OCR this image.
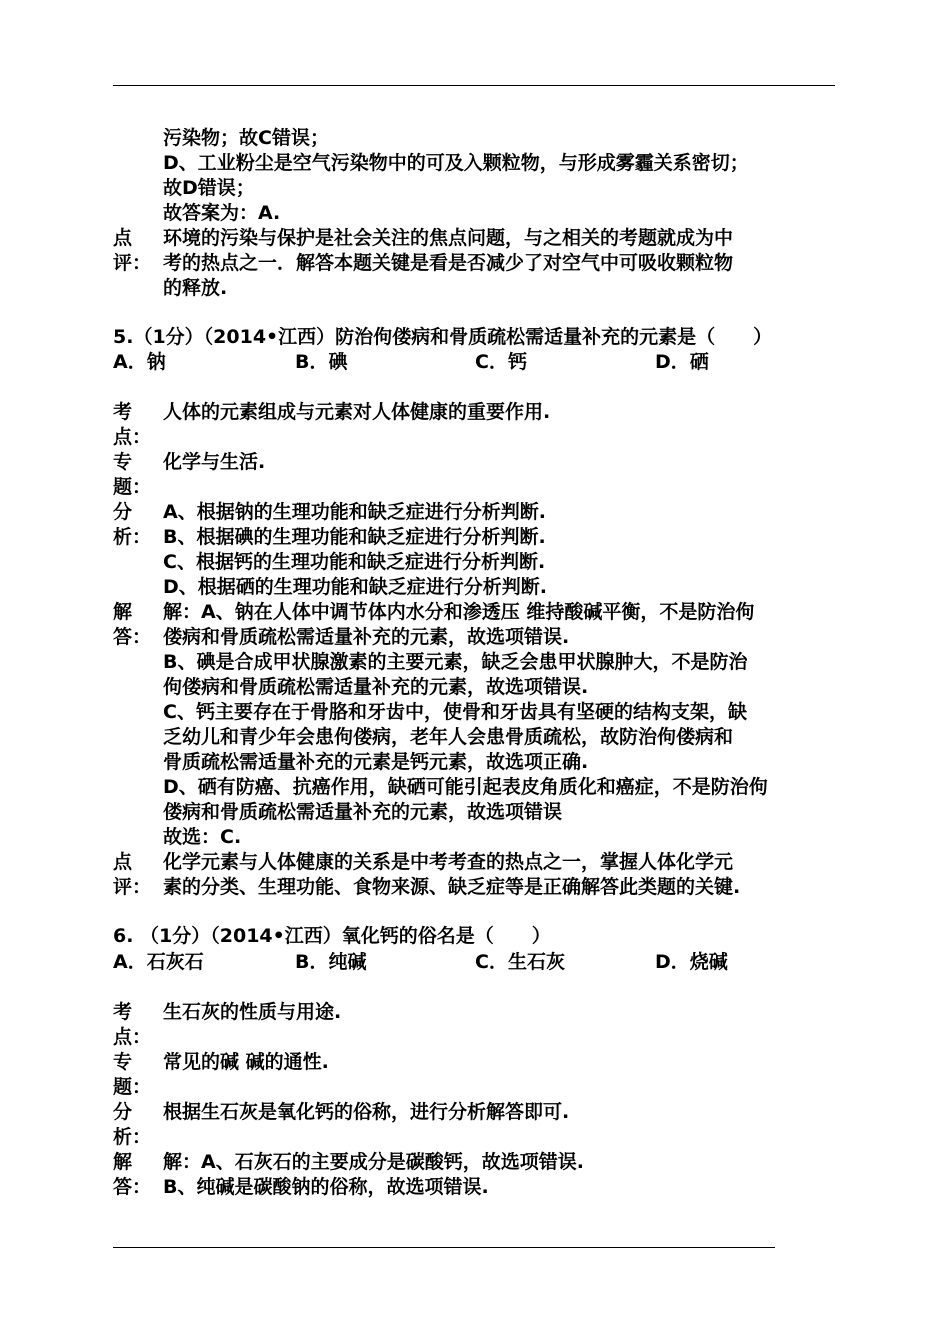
污染物；故C错误；
D、工业粉尘是空气污染物中的可及入颗粒物，与形成雾霾关系密切；
故D错误；
故答案为：A.
点
评：
环境的污染与保护是社会关注的焦点问题，与之相关的考题就成为中
考的热点之一．解答本题关键是看是否减少了对空气中可吸收颗粒物
的释放.
5.（1分）（2014•江西）防治佝偻病和骨质疏松需适量补充的元素是（　　）
A．钠	B．碘	C．钙	D．硒
考
点：
人体的元素组成与元素对人体健康的重要作用.
专
题：
化学与生活.
分
析：
A、根据钠的生理功能和缺乏症进行分析判断.
B、根据碘的生理功能和缺乏症进行分析判断.
C、根据钙的生理功能和缺乏症进行分析判断.
D、根据硒的生理功能和缺乏症进行分析判断.
解
答：
解：A、钠在人体中调节体内水分和渗透压 维持酸碱平衡，不是防治佝
偻病和骨质疏松需适量补充的元素，故选项错误.
B、碘是合成甲状腺激素的主要元素，缺乏会患甲状腺肿大，不是防治
佝偻病和骨质疏松需适量补充的元素，故选项错误.
C、钙主要存在于骨胳和牙齿中，使骨和牙齿具有坚硬的结构支架，缺
乏幼儿和青少年会患佝偻病，老年人会患骨质疏松，故防治佝偻病和
骨质疏松需适量补充的元素是钙元素，故选项正确.
D、硒有防癌、抗癌作用，缺硒可能引起表皮角质化和癌症，不是防治佝
偻病和骨质疏松需适量补充的元素，故选项错误
故选：C.
点
评：
化学元素与人体健康的关系是中考考查的热点之一，掌握人体化学元
素的分类、生理功能、食物来源、缺乏症等是正确解答此类题的关键.
6. （1分）（2014•江西）氧化钙的俗名是（　　）
A．石灰石	B．纯碱	C．生石灰	D．烧碱
考
点：
生石灰的性质与用途.
专
题：
常见的碱 碱的通性.
分
析：
根据生石灰是氧化钙的俗称，进行分析解答即可.
解
答：
解：A、石灰石的主要成分是碳酸钙，故选项错误.
B、纯碱是碳酸钠的俗称，故选项错误.
